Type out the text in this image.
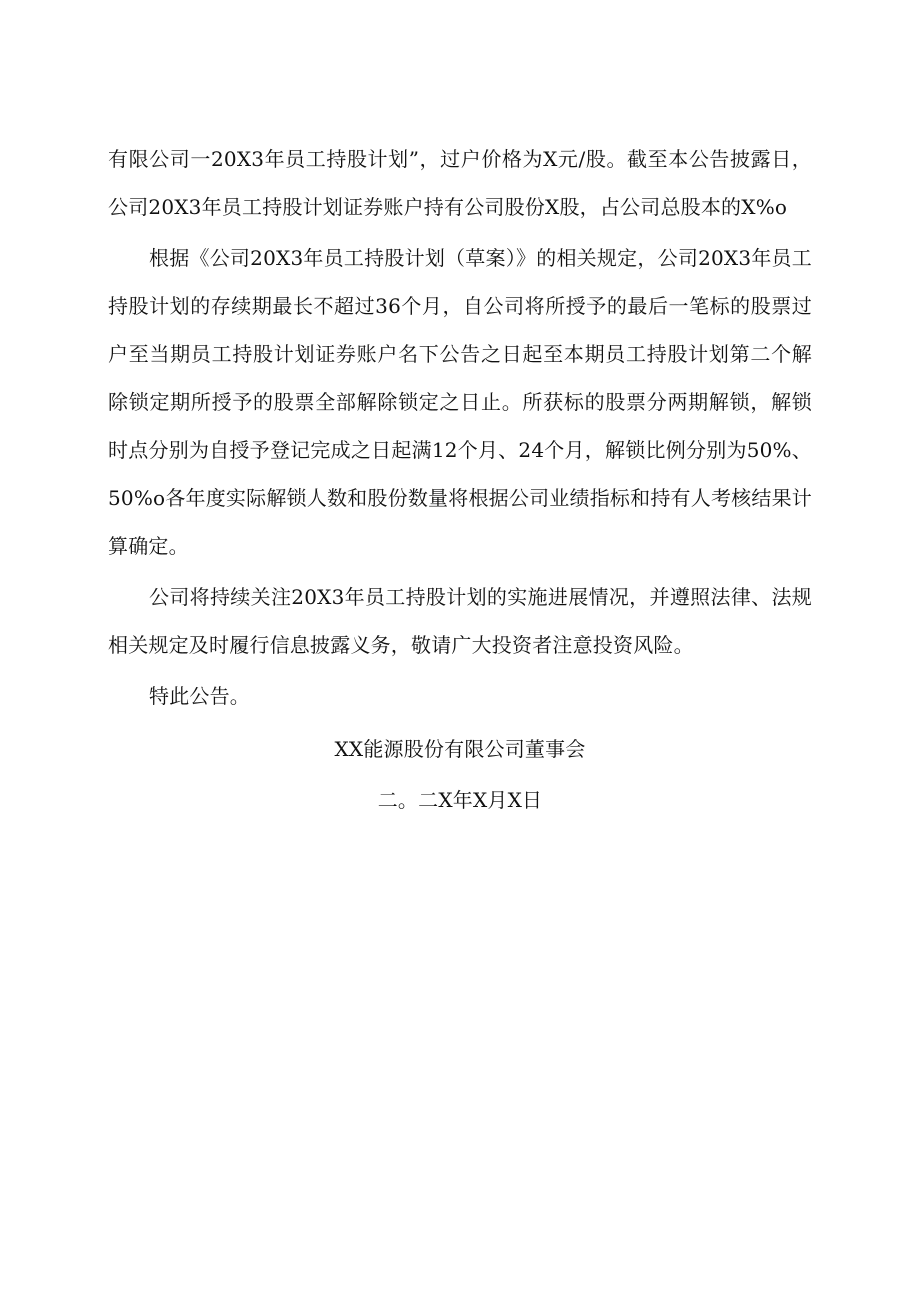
有限公司一20X3年员工持股计划”，过户价格为X元/股。截至本公告披露日，公司20X3年员工持股计划证券账户持有公司股份X股，占公司总股本的X%o

根据《公司20X3年员工持股计划（草案）》的相关规定，公司20X3年员工持股计划的存续期最长不超过36个月，自公司将所授予的最后一笔标的股票过户至当期员工持股计划证券账户名下公告之日起至本期员工持股计划第二个解除锁定期所授予的股票全部解除锁定之日止。所获标的股票分两期解锁，解锁时点分别为自授予登记完成之日起满12个月、24个月，解锁比例分别为50%、50%o各年度实际解锁人数和股份数量将根据公司业绩指标和持有人考核结果计算确定。

公司将持续关注20X3年员工持股计划的实施进展情况，并遵照法律、法规相关规定及时履行信息披露义务，敬请广大投资者注意投资风险。

特此公告。

XX能源股份有限公司董事会

二。二X年X月X日
